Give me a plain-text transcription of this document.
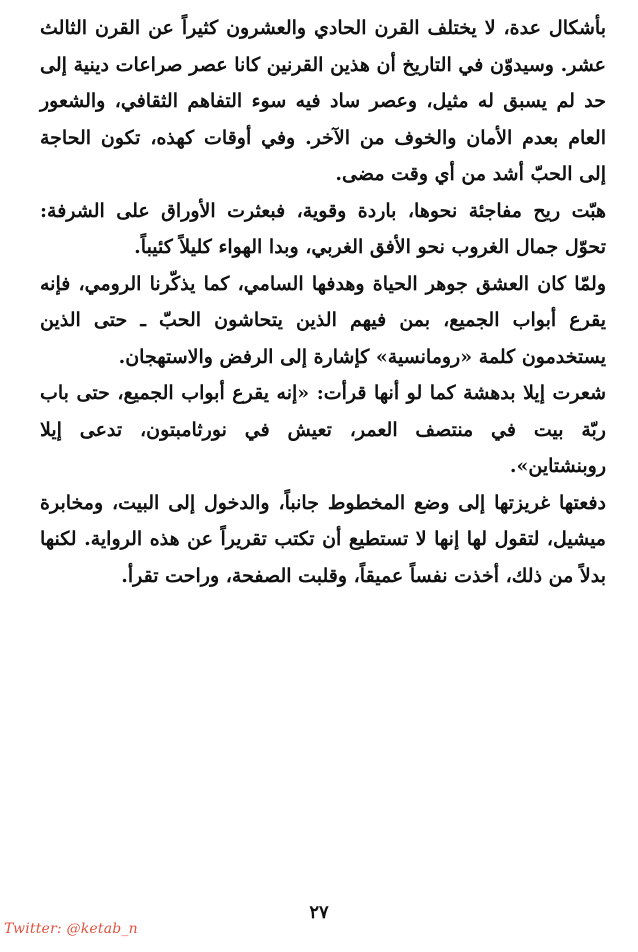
بأشكال عدة، لا يختلف القرن الحادي والعشرون كثيراً عن القرن الثالث عشر. وسيدوّن في التاريخ أن هذين القرنين كانا عصر صراعات دينية إلى حد لم يسبق له مثيل، وعصر ساد فيه سوء التفاهم الثقافي، والشعور العام بعدم الأمان والخوف من الآخر. وفي أوقات كهذه، تكون الحاجة إلى الحبّ أشد من أي وقت مضى.

هبّت ريح مفاجئة نحوها، باردة وقوية، فبعثرت الأوراق على الشرفة: تحوّل جمال الغروب نحو الأفق الغربي، وبدا الهواء كليلاً كئيباً.

ولمّا كان العشق جوهر الحياة وهدفها السامي، كما يذكّرنا الرومي، فإنه يقرع أبواب الجميع، بمن فيهم الذين يتحاشون الحبّ ـ حتى الذين يستخدمون كلمة «رومانسية» كإشارة إلى الرفض والاستهجان.

شعرت إيلا بدهشة كما لو أنها قرأت: «إنه يقرع أبواب الجميع، حتى باب ربّة بيت في منتصف العمر، تعيش في نورثامبتون، تدعى إيلا روبنشتاين».

دفعتها غريزتها إلى وضع المخطوط جانباً، والدخول إلى البيت، ومخابرة ميشيل، لتقول لها إنها لا تستطيع أن تكتب تقريراً عن هذه الرواية. لكنها بدلاً من ذلك، أخذت نفساً عميقاً، وقلبت الصفحة، وراحت تقرأ.

٢٧
Twitter: @ketab_n
